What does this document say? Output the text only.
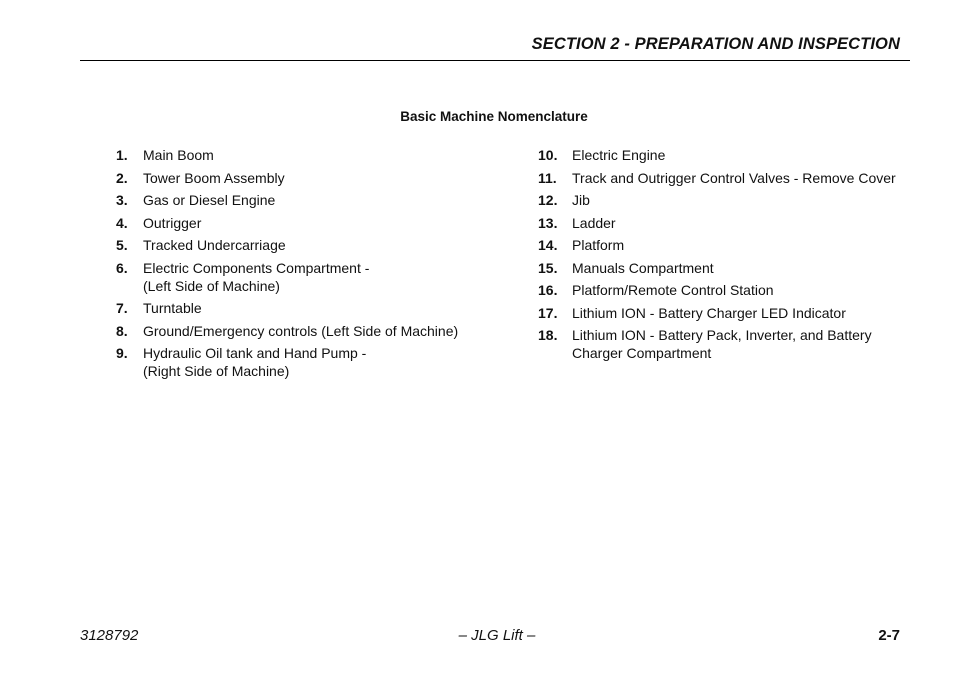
SECTION 2 - PREPARATION AND INSPECTION
Basic Machine Nomenclature
1.	Main Boom
2.	Tower Boom Assembly
3.	Gas or Diesel Engine
4.	Outrigger
5.	Tracked Undercarriage
6.	Electric Components Compartment -
(Left Side of Machine)
7.	Turntable
8.	Ground/Emergency controls (Left Side of Machine)
9.	Hydraulic Oil tank and Hand Pump -
(Right Side of Machine)
10.	Electric Engine
11.	Track and Outrigger Control Valves - Remove Cover
12.	Jib
13.	Ladder
14.	Platform
15.	Manuals Compartment
16.	Platform/Remote Control Station
17.	Lithium ION - Battery Charger LED Indicator
18.	Lithium ION - Battery Pack, Inverter, and Battery
Charger Compartment
3128792	– JLG Lift –	2-7
